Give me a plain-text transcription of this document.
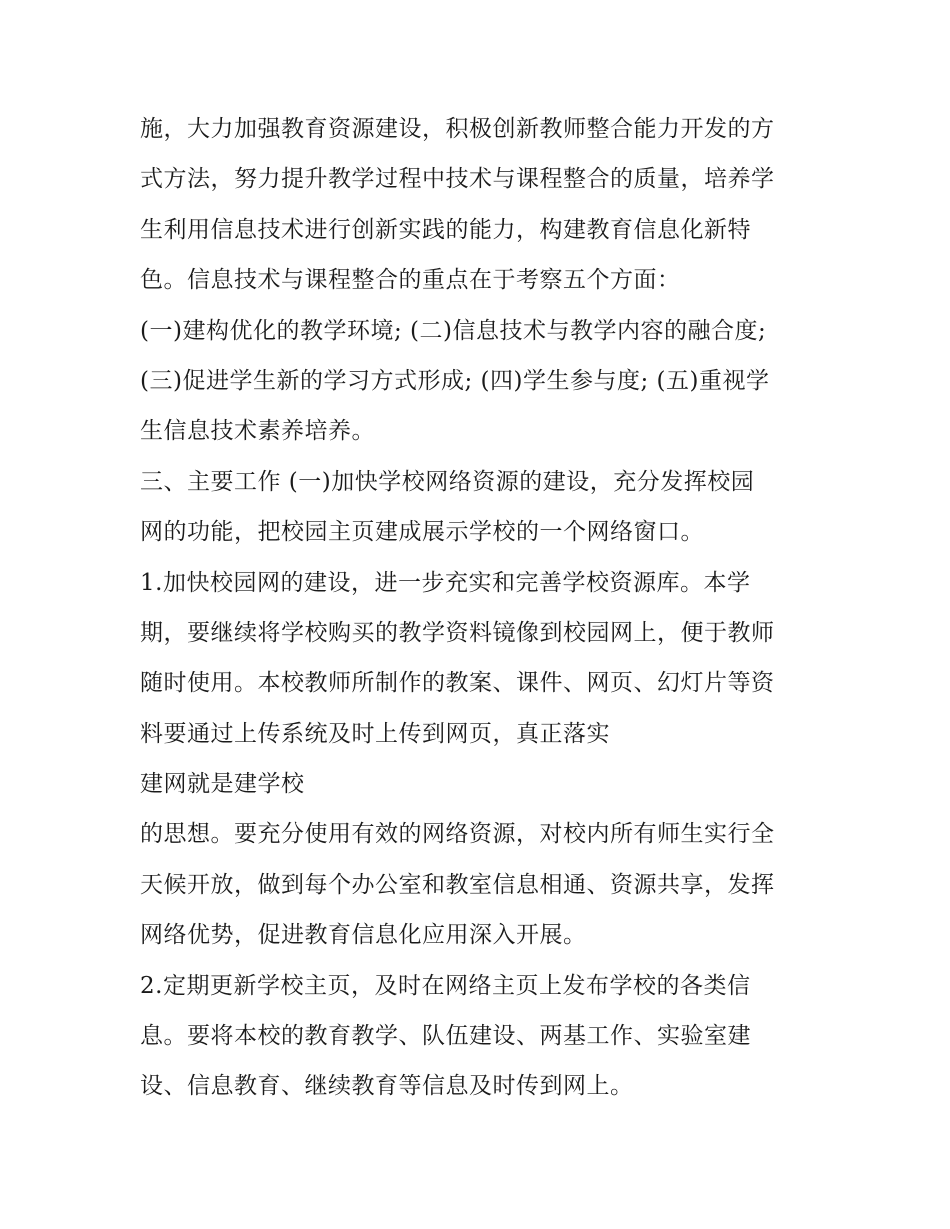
施，大力加强教育资源建设，积极创新教师整合能力开发的方
式方法，努力提升教学过程中技术与课程整合的质量，培养学
生利用信息技术进行创新实践的能力，构建教育信息化新特
色。信息技术与课程整合的重点在于考察五个方面：
(一)建构优化的教学环境; (二)信息技术与教学内容的融合度;
(三)促进学生新的学习方式形成; (四)学生参与度; (五)重视学
生信息技术素养培养。
三、主要工作 (一)加快学校网络资源的建设，充分发挥校园
网的功能，把校园主页建成展示学校的一个网络窗口。
1.加快校园网的建设，进一步充实和完善学校资源库。本学
期，要继续将学校购买的教学资料镜像到校园网上，便于教师
随时使用。本校教师所制作的教案、课件、网页、幻灯片等资
料要通过上传系统及时上传到网页，真正落实
建网就是建学校
的思想。要充分使用有效的网络资源，对校内所有师生实行全
天候开放，做到每个办公室和教室信息相通、资源共享，发挥
网络优势，促进教育信息化应用深入开展。
2.定期更新学校主页，及时在网络主页上发布学校的各类信
息。要将本校的教育教学、队伍建设、两基工作、实验室建
设、信息教育、继续教育等信息及时传到网上。
